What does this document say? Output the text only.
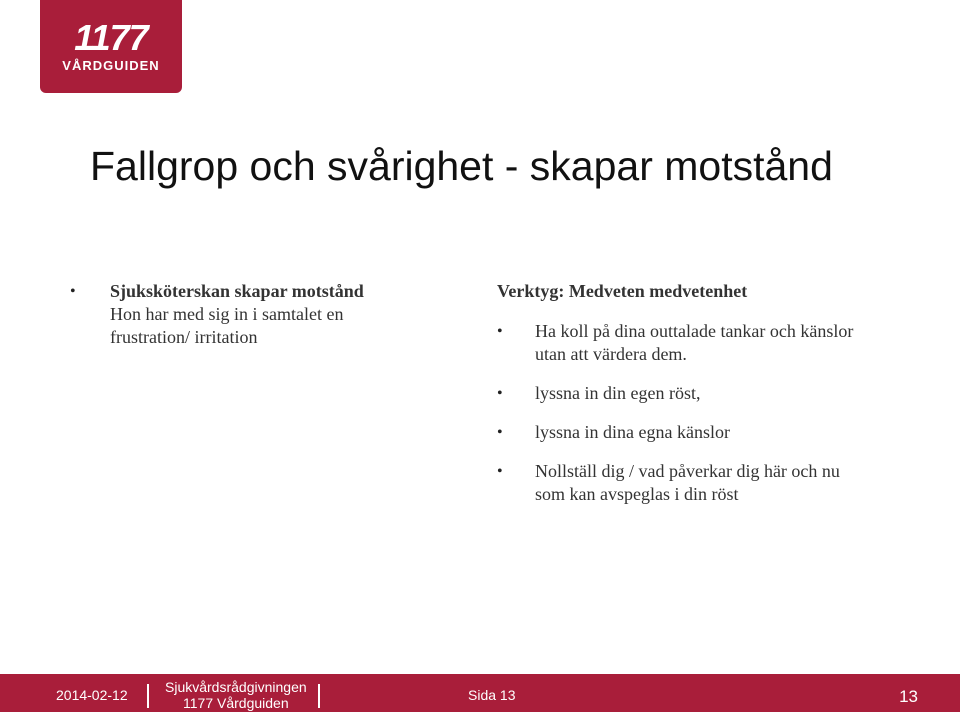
1177
VÅRDGUIDEN
Fallgrop och svårighet - skapar motstånd
• Sjuksköterskan skapar motstånd
Hon har med sig in i samtalet en
frustration/ irritation
Verktyg: Medveten medvetenhet
• Ha koll på dina outtalade tankar och känslor
utan att värdera dem.
• lyssna in din egen röst,
• lyssna in dina egna känslor
• Nollställ dig / vad påverkar dig här och nu
som kan avspeglas i din röst
2014-02-12	Sjukvårdsrådgivningen
1177 Vårdguiden	Sida 13	13
